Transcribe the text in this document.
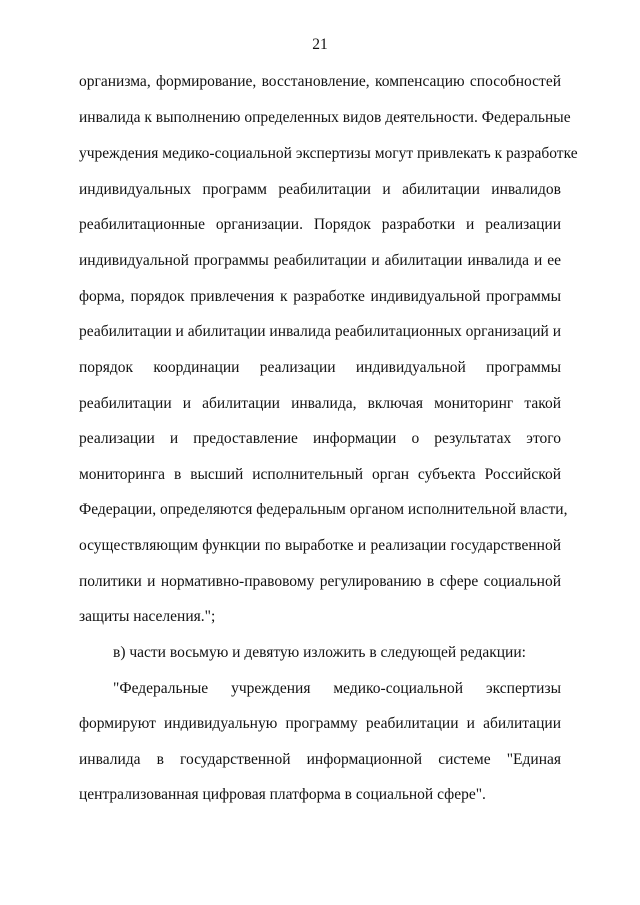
21
организма, формирование, восстановление, компенсацию способностей
инвалида к выполнению определенных видов деятельности. Федеральные
учреждения медико-социальной экспертизы могут привлекать к разработке
индивидуальных программ реабилитации и абилитации инвалидов
реабилитационные организации. Порядок разработки и реализации
индивидуальной программы реабилитации и абилитации инвалида и ее
форма, порядок привлечения к разработке индивидуальной программы
реабилитации и абилитации инвалида реабилитационных организаций и
порядок координации реализации индивидуальной программы
реабилитации и абилитации инвалида, включая мониторинг такой
реализации и предоставление информации о результатах этого
мониторинга в высший исполнительный орган субъекта Российской
Федерации, определяются федеральным органом исполнительной власти,
осуществляющим функции по выработке и реализации государственной
политики и нормативно-правовому регулированию в сфере социальной
защиты населения.";
в) части восьмую и девятую изложить в следующей редакции:
"Федеральные учреждения медико-социальной экспертизы
формируют индивидуальную программу реабилитации и абилитации
инвалида в государственной информационной системе "Единая
централизованная цифровая платформа в социальной сфере".
